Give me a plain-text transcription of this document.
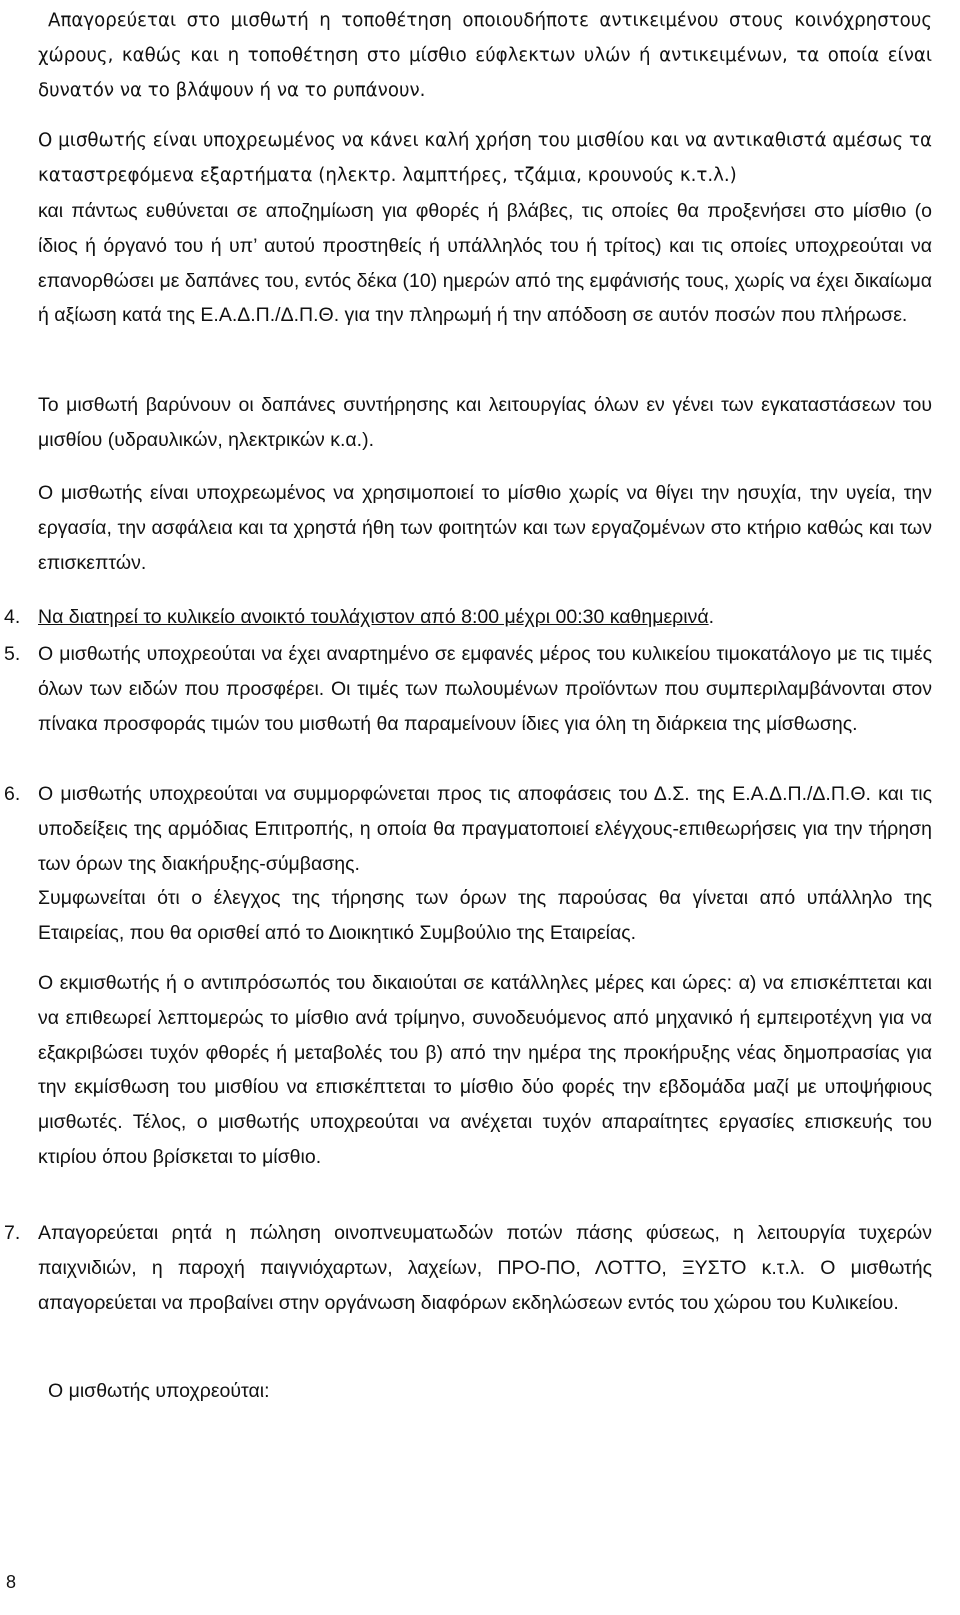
Απαγορεύεται στο μισθωτή η τοποθέτηση οποιουδήποτε αντικειμένου στους κοινόχρηστους χώρους, καθώς και η τοποθέτηση στο μίσθιο εύφλεκτων υλών ή αντικειμένων, τα οποία είναι δυνατόν να το βλάψουν ή να το ρυπάνουν.
Ο μισθωτής είναι υποχρεωμένος να κάνει καλή χρήση του μισθίου και να αντικαθιστά αμέσως τα καταστρεφόμενα εξαρτήματα (ηλεκτρ. λαμπτήρες, τζάμια, κρουνούς κ.τ.λ.)
και πάντως ευθύνεται σε αποζημίωση για φθορές ή βλάβες, τις οποίες θα προξενήσει στο μίσθιο (ο ίδιος ή όργανό του ή υπ’ αυτού προστηθείς ή υπάλληλός του ή τρίτος) και τις οποίες υποχρεούται να επανορθώσει με δαπάνες του, εντός δέκα (10) ημερών από της εμφάνισής τους, χωρίς να έχει δικαίωμα ή αξίωση κατά της Ε.Α.Δ.Π./Δ.Π.Θ. για την πληρωμή ή την απόδοση σε αυτόν ποσών που πλήρωσε.
Το μισθωτή βαρύνουν οι δαπάνες συντήρησης και λειτουργίας όλων εν γένει των εγκαταστάσεων του μισθίου (υδραυλικών, ηλεκτρικών κ.α.).
Ο μισθωτής είναι υποχρεωμένος να χρησιμοποιεί το μίσθιο χωρίς να θίγει την ησυχία, την υγεία, την εργασία, την ασφάλεια και τα χρηστά ήθη των φοιτητών και των εργαζομένων στο κτήριο καθώς και των επισκεπτών.
4. Να διατηρεί το κυλικείο ανοικτό τουλάχιστον από 8:00 μέχρι 00:30 καθημερινά.
5. Ο μισθωτής υποχρεούται να έχει αναρτημένο σε εμφανές μέρος του κυλικείου τιμοκατάλογο με τις τιμές όλων των ειδών που προσφέρει. Οι τιμές των πωλουμένων προϊόντων που συμπεριλαμβάνονται στον πίνακα προσφοράς τιμών του μισθωτή θα παραμείνουν ίδιες για όλη τη διάρκεια της μίσθωσης.
6. Ο μισθωτής υποχρεούται να συμμορφώνεται προς τις αποφάσεις του Δ.Σ. της Ε.Α.Δ.Π./Δ.Π.Θ. και τις υποδείξεις της αρμόδιας Επιτροπής, η οποία θα πραγματοποιεί ελέγχους-επιθεωρήσεις για την τήρηση των όρων της διακήρυξης-σύμβασης.
Συμφωνείται ότι ο έλεγχος της τήρησης των όρων της παρούσας θα γίνεται από υπάλληλο της Εταιρείας, που θα ορισθεί από το Διοικητικό Συμβούλιο της Εταιρείας.
Ο εκμισθωτής ή ο αντιπρόσωπός του δικαιούται σε κατάλληλες μέρες και ώρες: α) να επισκέπτεται και να επιθεωρεί λεπτομερώς το μίσθιο ανά τρίμηνο, συνοδευόμενος από μηχανικό ή εμπειροτέχνη για να εξακριβώσει τυχόν φθορές ή μεταβολές του β) από την ημέρα της προκήρυξης νέας δημοπρασίας για την εκμίσθωση του μισθίου να επισκέπτεται το μίσθιο δύο φορές την εβδομάδα μαζί με υποψήφιους μισθωτές. Τέλος, ο μισθωτής υποχρεούται να ανέχεται τυχόν απαραίτητες εργασίες επισκευής του κτιρίου όπου βρίσκεται το μίσθιο.
7. Απαγορεύεται ρητά η πώληση οινοπνευματωδών ποτών πάσης φύσεως, η λειτουργία τυχερών παιχνιδιών, η παροχή παιγνιόχαρτων, λαχείων, ΠΡΟ-ΠΟ, ΛΟΤΤΟ, ΞΥΣΤΟ κ.τ.λ. Ο μισθωτής απαγορεύεται να προβαίνει στην οργάνωση διαφόρων εκδηλώσεων εντός του χώρου του Κυλικείου.
Ο μισθωτής υποχρεούται:
8
